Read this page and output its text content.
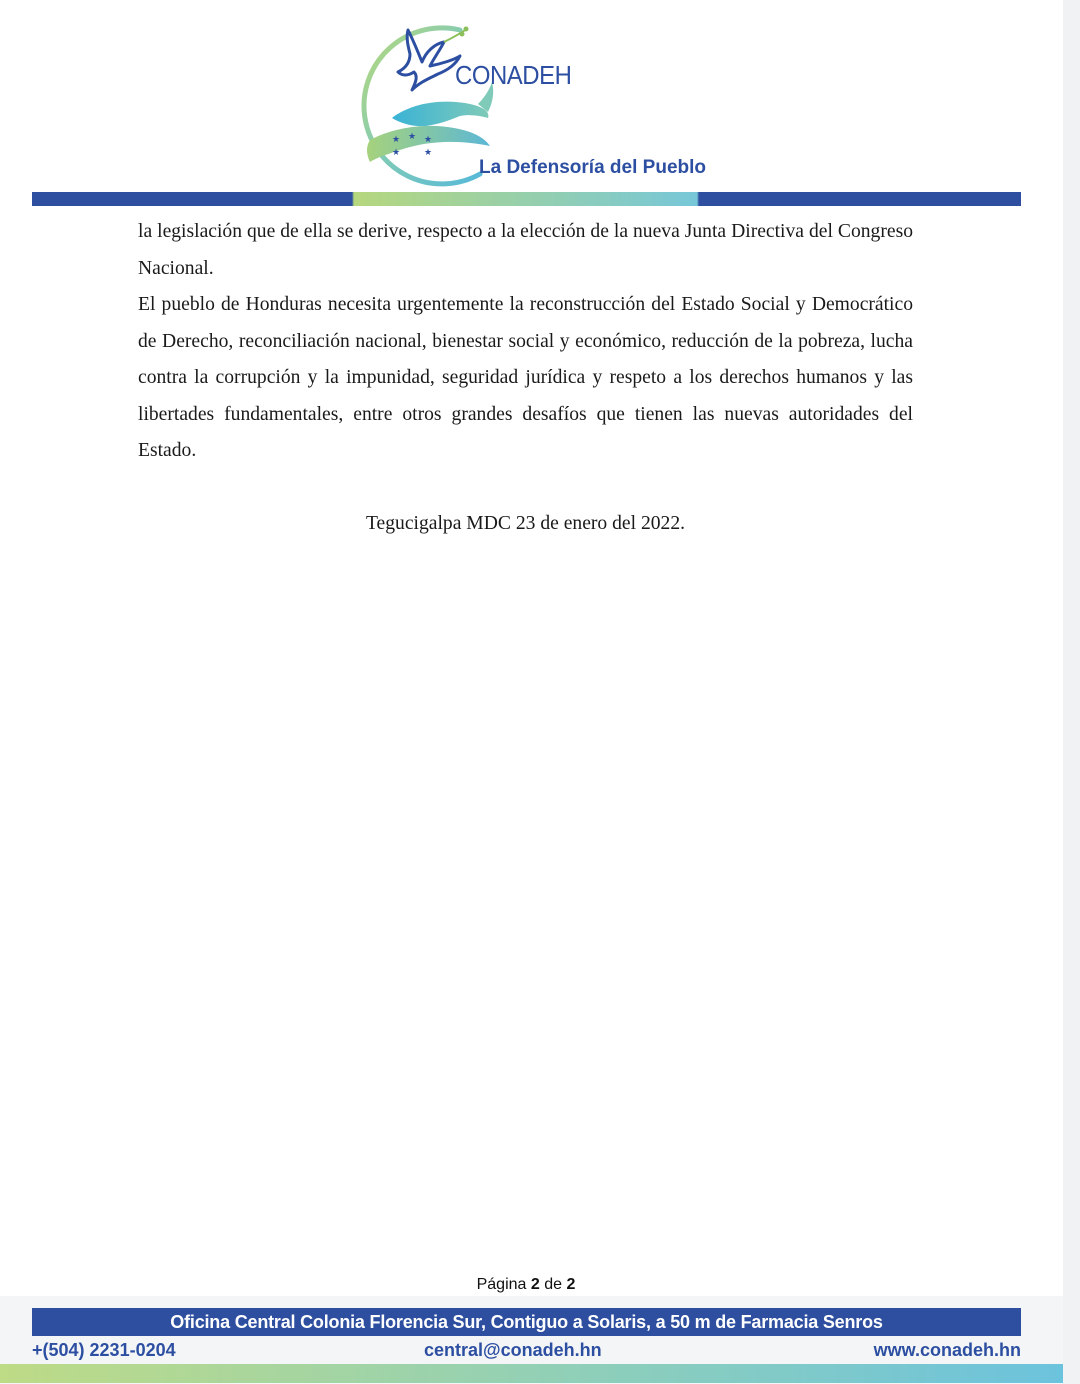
★ ★ ★
★	★
CONADEH
La Defensoría del Pueblo

la legislación que de ella se derive, respecto a la elección de la nueva Junta Directiva del Congreso Nacional.

El pueblo de Honduras necesita urgentemente la reconstrucción del Estado Social y Democrático de Derecho, reconciliación nacional, bienestar social y económico, reducción de la pobreza, lucha contra la corrupción y la impunidad, seguridad jurídica y respeto a los derechos humanos y las libertades fundamentales, entre otros grandes desafíos que tienen las nuevas autoridades del Estado.

Tegucigalpa MDC 23 de enero del 2022.
Página 2 de 2
Oficina Central Colonia Florencia Sur, Contiguo a Solaris, a 50 m de Farmacia Senros
+(504) 2231-0204	central@conadeh.hn	www.conadeh.hn
